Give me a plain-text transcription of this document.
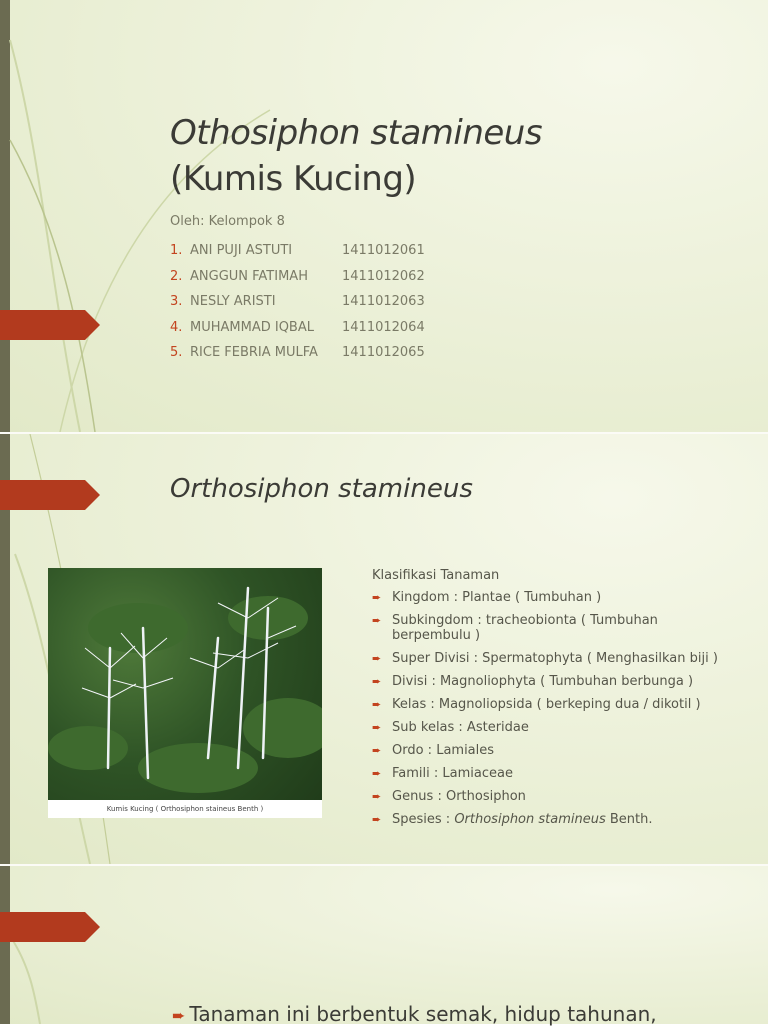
Othosiphon stamineus
(Kumis Kucing)
Oleh: Kelompok 8
1. ANI PUJI ASTUTI	1411012061
2. ANGGUN FATIMAH	1411012062
3. NESLY ARISTI	1411012063
4. MUHAMMAD IQBAL	1411012064
5. RICE FEBRIA MULFA	1411012065
Orthosiphon stamineus
Kumis Kucing ( Orthosiphon staineus Benth )
Klasifikasi Tanaman
➨ Kingdom : Plantae ( Tumbuhan )
➨ Subkingdom : tracheobionta ( Tumbuhan berpembulu )
➨ Super Divisi : Spermatophyta ( Menghasilkan biji )
➨ Divisi : Magnoliophyta ( Tumbuhan berbunga )
➨ Kelas : Magnoliopsida ( berkeping dua / dikotil )
➨ Sub kelas : Asteridae
➨ Ordo : Lamiales
➨ Famili : Lamiaceae
➨ Genus : Orthosiphon
➨ Spesies : Orthosiphon stamineus Benth.
➨ Tanaman ini berbentuk semak, hidup tahunan,
